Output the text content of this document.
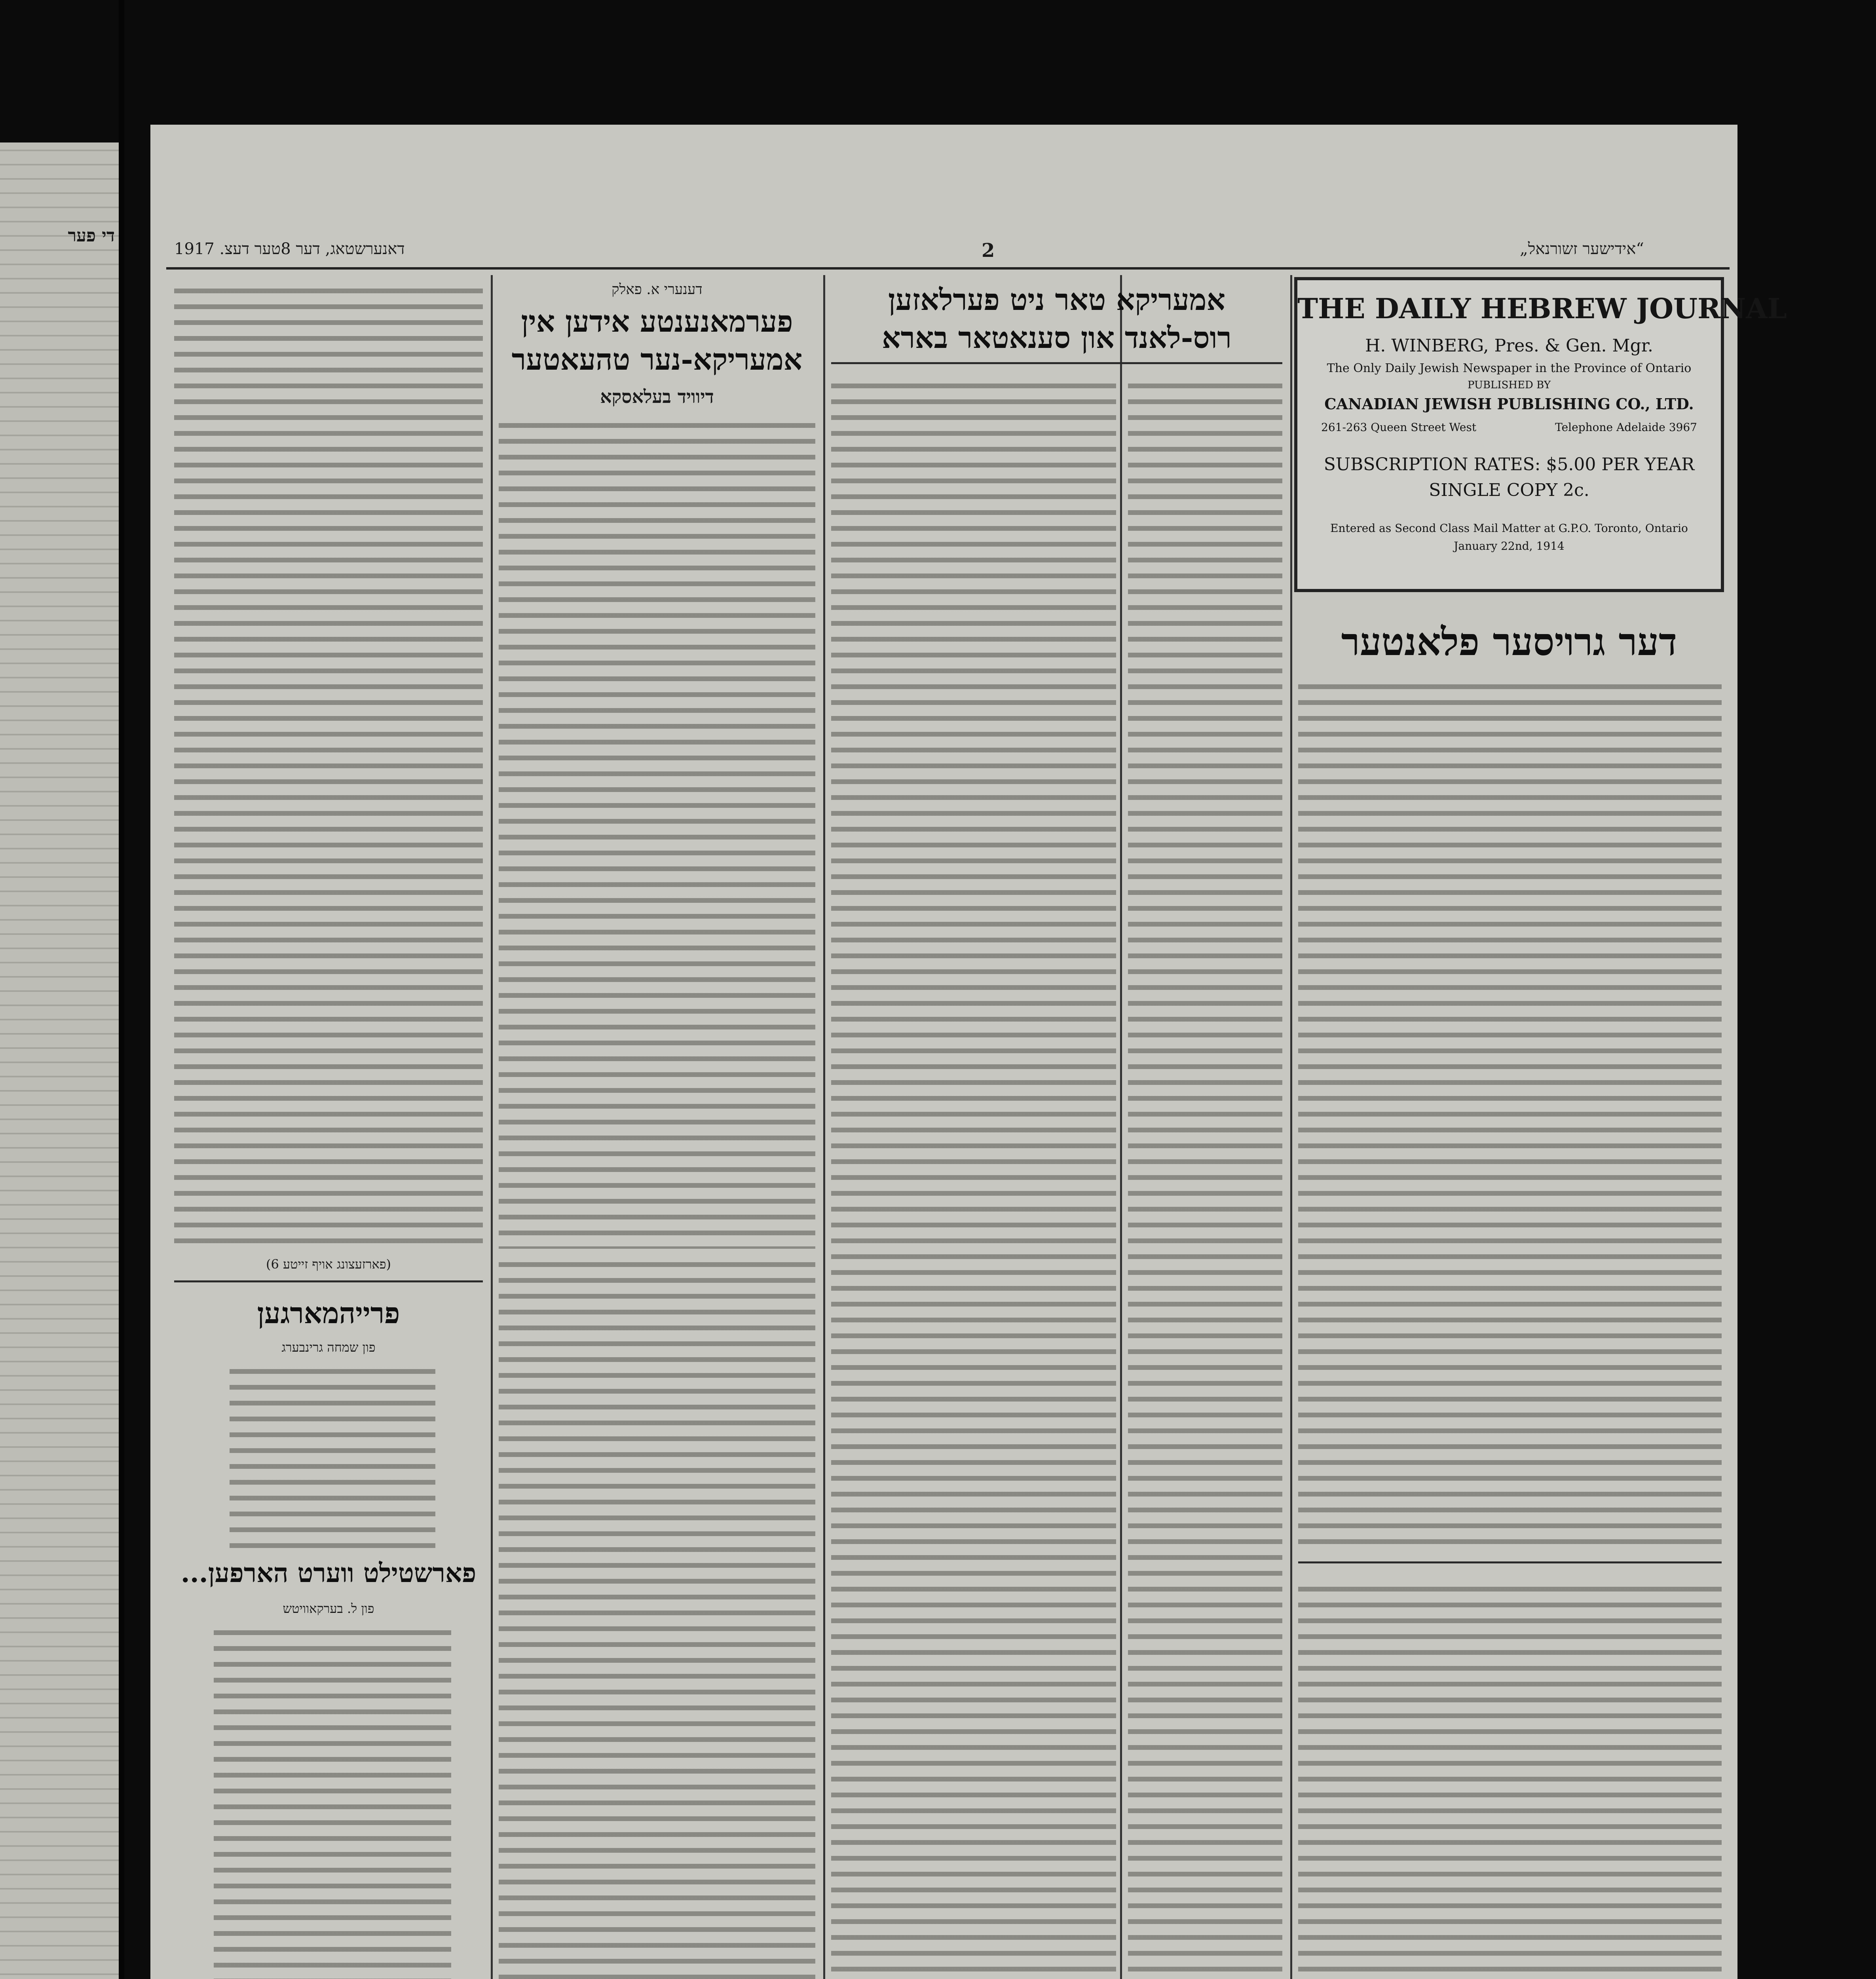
די פער
דאנערשטאג, דער 8טער דעצ. 1917	2	„אידישער זשורנאל“
THE DAILY HEBREW JOURNAL
H. WINBERG, Pres. & Gen. Mgr.
The Only Daily Jewish Newspaper in the Province of Ontario
PUBLISHED BY
CANADIAN JEWISH PUBLISHING CO., LTD.
261-263 Queen Street West	Telephone Adelaide 3967
SUBSCRIPTION RATES: $5.00 PER YEAR
SINGLE COPY 2c.
Entered as Second Class Mail Matter at G.P.O. Toronto, Ontario
January 22nd, 1914
דער גרויסער פלאנטער
אמעריקא טאר ניט פערלאזען רוס-לאנד און סענאטאר בארא
דענערי א. פאלק
פערמאנענטע אידען אין אמעריקא-נער טהעאטער
דיוויד בעלאסקא
(פארזעצונג אויף זייטע 6)
פרייהמארגען
פון שמחה גרינבערג
פארשטילט ווערט הארפען...
פון ל. בערקאוויטש
